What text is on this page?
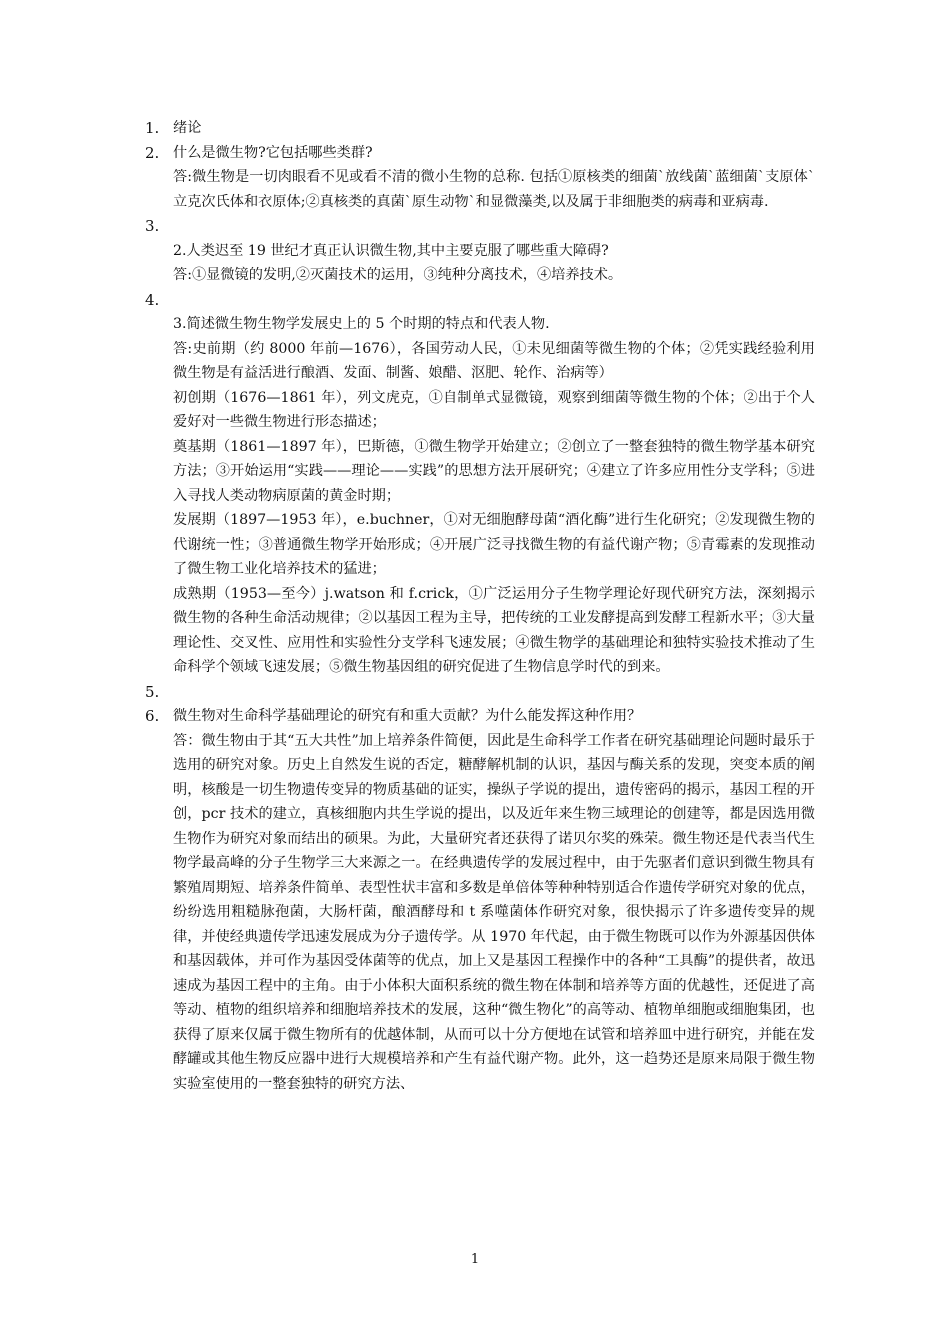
1. 绪论

2. 什么是微生物?它包括哪些类群?

答:微生物是一切肉眼看不见或看不清的微小生物的总称. 包括①原核类的细菌`放线菌`蓝细菌`支原体`立克次氏体和衣原体;②真核类的真菌`原生动物`和显微藻类,以及属于非细胞类的病毒和亚病毒.

3.

2.人类迟至 19 世纪才真正认识微生物,其中主要克服了哪些重大障碍?

答:①显微镜的发明,②灭菌技术的运用，③纯种分离技术，④培养技术。

4.

3.简述微生物生物学发展史上的 5 个时期的特点和代表人物.

答:史前期（约 8000 年前—1676），各国劳动人民，①未见细菌等微生物的个体；②凭实践经验利用微生物是有益活进行酿酒、发面、制酱、娘醋、沤肥、轮作、治病等）

初创期（1676—1861 年），列文虎克，①自制单式显微镜，观察到细菌等微生物的个体；②出于个人爱好对一些微生物进行形态描述；

奠基期（1861—1897 年），巴斯德，①微生物学开始建立；②创立了一整套独特的微生物学基本研究方法；③开始运用“实践——理论——实践”的思想方法开展研究；④建立了许多应用性分支学科；⑤进入寻找人类动物病原菌的黄金时期；

发展期（1897—1953 年），e.buchner，①对无细胞酵母菌“酒化酶”进行生化研究；②发现微生物的代谢统一性；③普通微生物学开始形成；④开展广泛寻找微生物的有益代谢产物；⑤青霉素的发现推动了微生物工业化培养技术的猛进；

成熟期（1953—至今）j.watson 和 f.crick，①广泛运用分子生物学理论好现代研究方法，深刻揭示微生物的各种生命活动规律；②以基因工程为主导，把传统的工业发酵提高到发酵工程新水平；③大量理论性、交叉性、应用性和实验性分支学科飞速发展；④微生物学的基础理论和独特实验技术推动了生命科学个领域飞速发展；⑤微生物基因组的研究促进了生物信息学时代的到来。

5.

6. 微生物对生命科学基础理论的研究有和重大贡献？为什么能发挥这种作用？

答：微生物由于其“五大共性”加上培养条件简便，因此是生命科学工作者在研究基础理论问题时最乐于选用的研究对象。历史上自然发生说的否定，糖酵解机制的认识，基因与酶关系的发现，突变本质的阐明，核酸是一切生物遗传变异的物质基础的证实，操纵子学说的提出，遗传密码的揭示，基因工程的开创，pcr 技术的建立，真核细胞内共生学说的提出，以及近年来生物三域理论的创建等，都是因选用微生物作为研究对象而结出的硕果。为此，大量研究者还获得了诺贝尔奖的殊荣。微生物还是代表当代生物学最高峰的分子生物学三大来源之一。在经典遗传学的发展过程中，由于先驱者们意识到微生物具有繁殖周期短、培养条件简单、表型性状丰富和多数是单倍体等种种特别适合作遗传学研究对象的优点，纷纷选用粗糙脉孢菌，大肠杆菌，酿酒酵母和 t 系噬菌体作研究对象，很快揭示了许多遗传变异的规律，并使经典遗传学迅速发展成为分子遗传学。从 1970 年代起，由于微生物既可以作为外源基因供体和基因载体，并可作为基因受体菌等的优点，加上又是基因工程操作中的各种“工具酶”的提供者，故迅速成为基因工程中的主角。由于小体积大面积系统的微生物在体制和培养等方面的优越性，还促进了高等动、植物的组织培养和细胞培养技术的发展，这种“微生物化”的高等动、植物单细胞或细胞集团，也获得了原来仅属于微生物所有的优越体制，从而可以十分方便地在试管和培养皿中进行研究，并能在发酵罐或其他生物反应器中进行大规模培养和产生有益代谢产物。此外，这一趋势还是原来局限于微生物实验室使用的一整套独特的研究方法、

1
